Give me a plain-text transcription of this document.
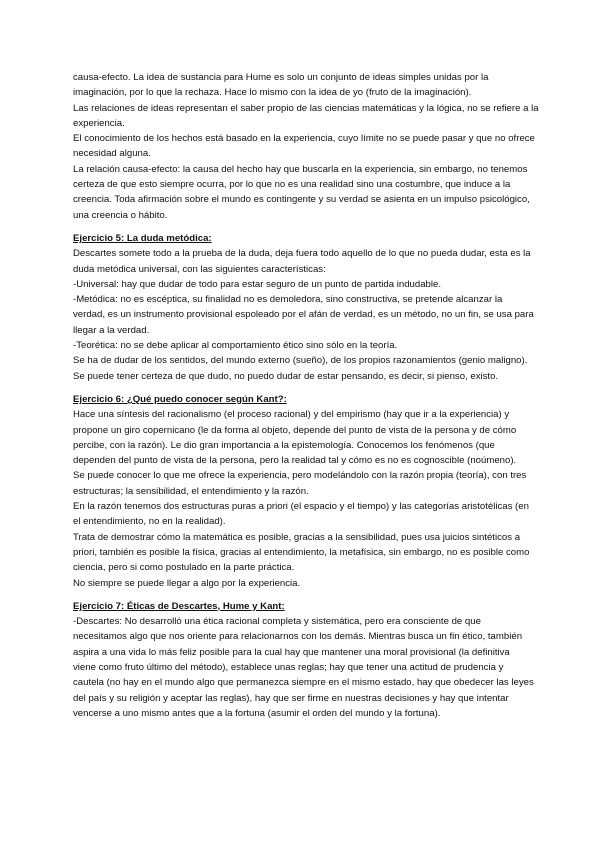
causa-efecto. La idea de sustancia para Hume es solo un conjunto de ideas simples unidas por la
imaginación, por lo que la rechaza. Hace lo mismo con la idea de yo (fruto de la imaginación).
Las relaciones de ideas representan el saber propio de las ciencias matemáticas y la lógica, no se refiere a la
experiencia.
El conocimiento de los hechos está basado en la experiencia, cuyo límite no se puede pasar y que no ofrece
necesidad alguna.
La relación causa-efecto: la causa del hecho hay que buscarla en la experiencia, sin embargo, no tenemos
certeza de que esto siempre ocurra, por lo que no es una realidad sino una costumbre, que induce a la
creencia. Toda afirmación sobre el mundo es contingente y su verdad se asienta en un impulso psicológico,
una creencia o hábito.
Ejercicio 5: La duda metódica:
Descartes somete todo a la prueba de la duda, deja fuera todo aquello de lo que no pueda dudar, esta es la
duda metódica universal, con las siguientes características:
-Universal: hay que dudar de todo para estar seguro de un punto de partida indudable.
-Metódica: no es escéptica, su finalidad no es demoledora, sino constructiva, se pretende alcanzar la
verdad, es un instrumento provisional espoleado por el afán de verdad, es un método, no un fin, se usa para
llegar a la verdad.
-Teorética: no se debe aplicar al comportamiento ético sino sólo en la teoría.
Se ha de dudar de los sentidos, del mundo externo (sueño), de los propios razonamientos (genio maligno).
Se puede tener certeza de que dudo, no puedo dudar de estar pensando, es decir, si pienso, existo.
Ejercicio 6: ¿Qué puedo conocer según Kant?:
Hace una síntesis del racionalismo (el proceso racional) y del empirismo (hay que ir a la experiencia) y
propone un giro copernicano (le da forma al objeto, depende del punto de vista de la persona y de cómo
percibe, con la razón). Le dio gran importancia a la epistemología. Conocemos los fenómenos (que
dependen del punto de vista de la persona, pero la realidad tal y cómo es no es cognoscible (noúmeno).
Se puede conocer lo que me ofrece la experiencia, pero modelándolo con la razón propia (teoría), con tres
estructuras; la sensibilidad, el entendimiento y la razón.
En la razón tenemos dos estructuras puras a priori (el espacio y el tiempo) y las categorías aristotélicas (en
el entendimiento, no en la realidad).
Trata de demostrar cómo la matemática es posible, gracias a la sensibilidad, pues usa juicios sintéticos a
priori, también es posible la física, gracias al entendimiento, la metafísica, sin embargo, no es posible como
ciencia, pero si como postulado en la parte práctica.
No siempre se puede llegar a algo por la experiencia.
Ejercicio 7: Éticas de Descartes, Hume y Kant:
-Descartes: No desarrolló una ética racional completa y sistemática, pero era consciente de que
necesitamos algo que nos oriente para relacionarnos con los demás. Mientras busca un fin ético, también
aspira a una vida lo más feliz posible para la cual hay que mantener una moral provisional (la definitiva
viene como fruto último del método), establece unas reglas; hay que tener una actitud de prudencia y
cautela (no hay en el mundo algo que permanezca siempre en el mismo estado, hay que obedecer las leyes
del país y su religión y aceptar las reglas), hay que ser firme en nuestras decisiones y hay que intentar
vencerse a uno mismo antes que a la fortuna (asumir el orden del mundo y la fortuna).
